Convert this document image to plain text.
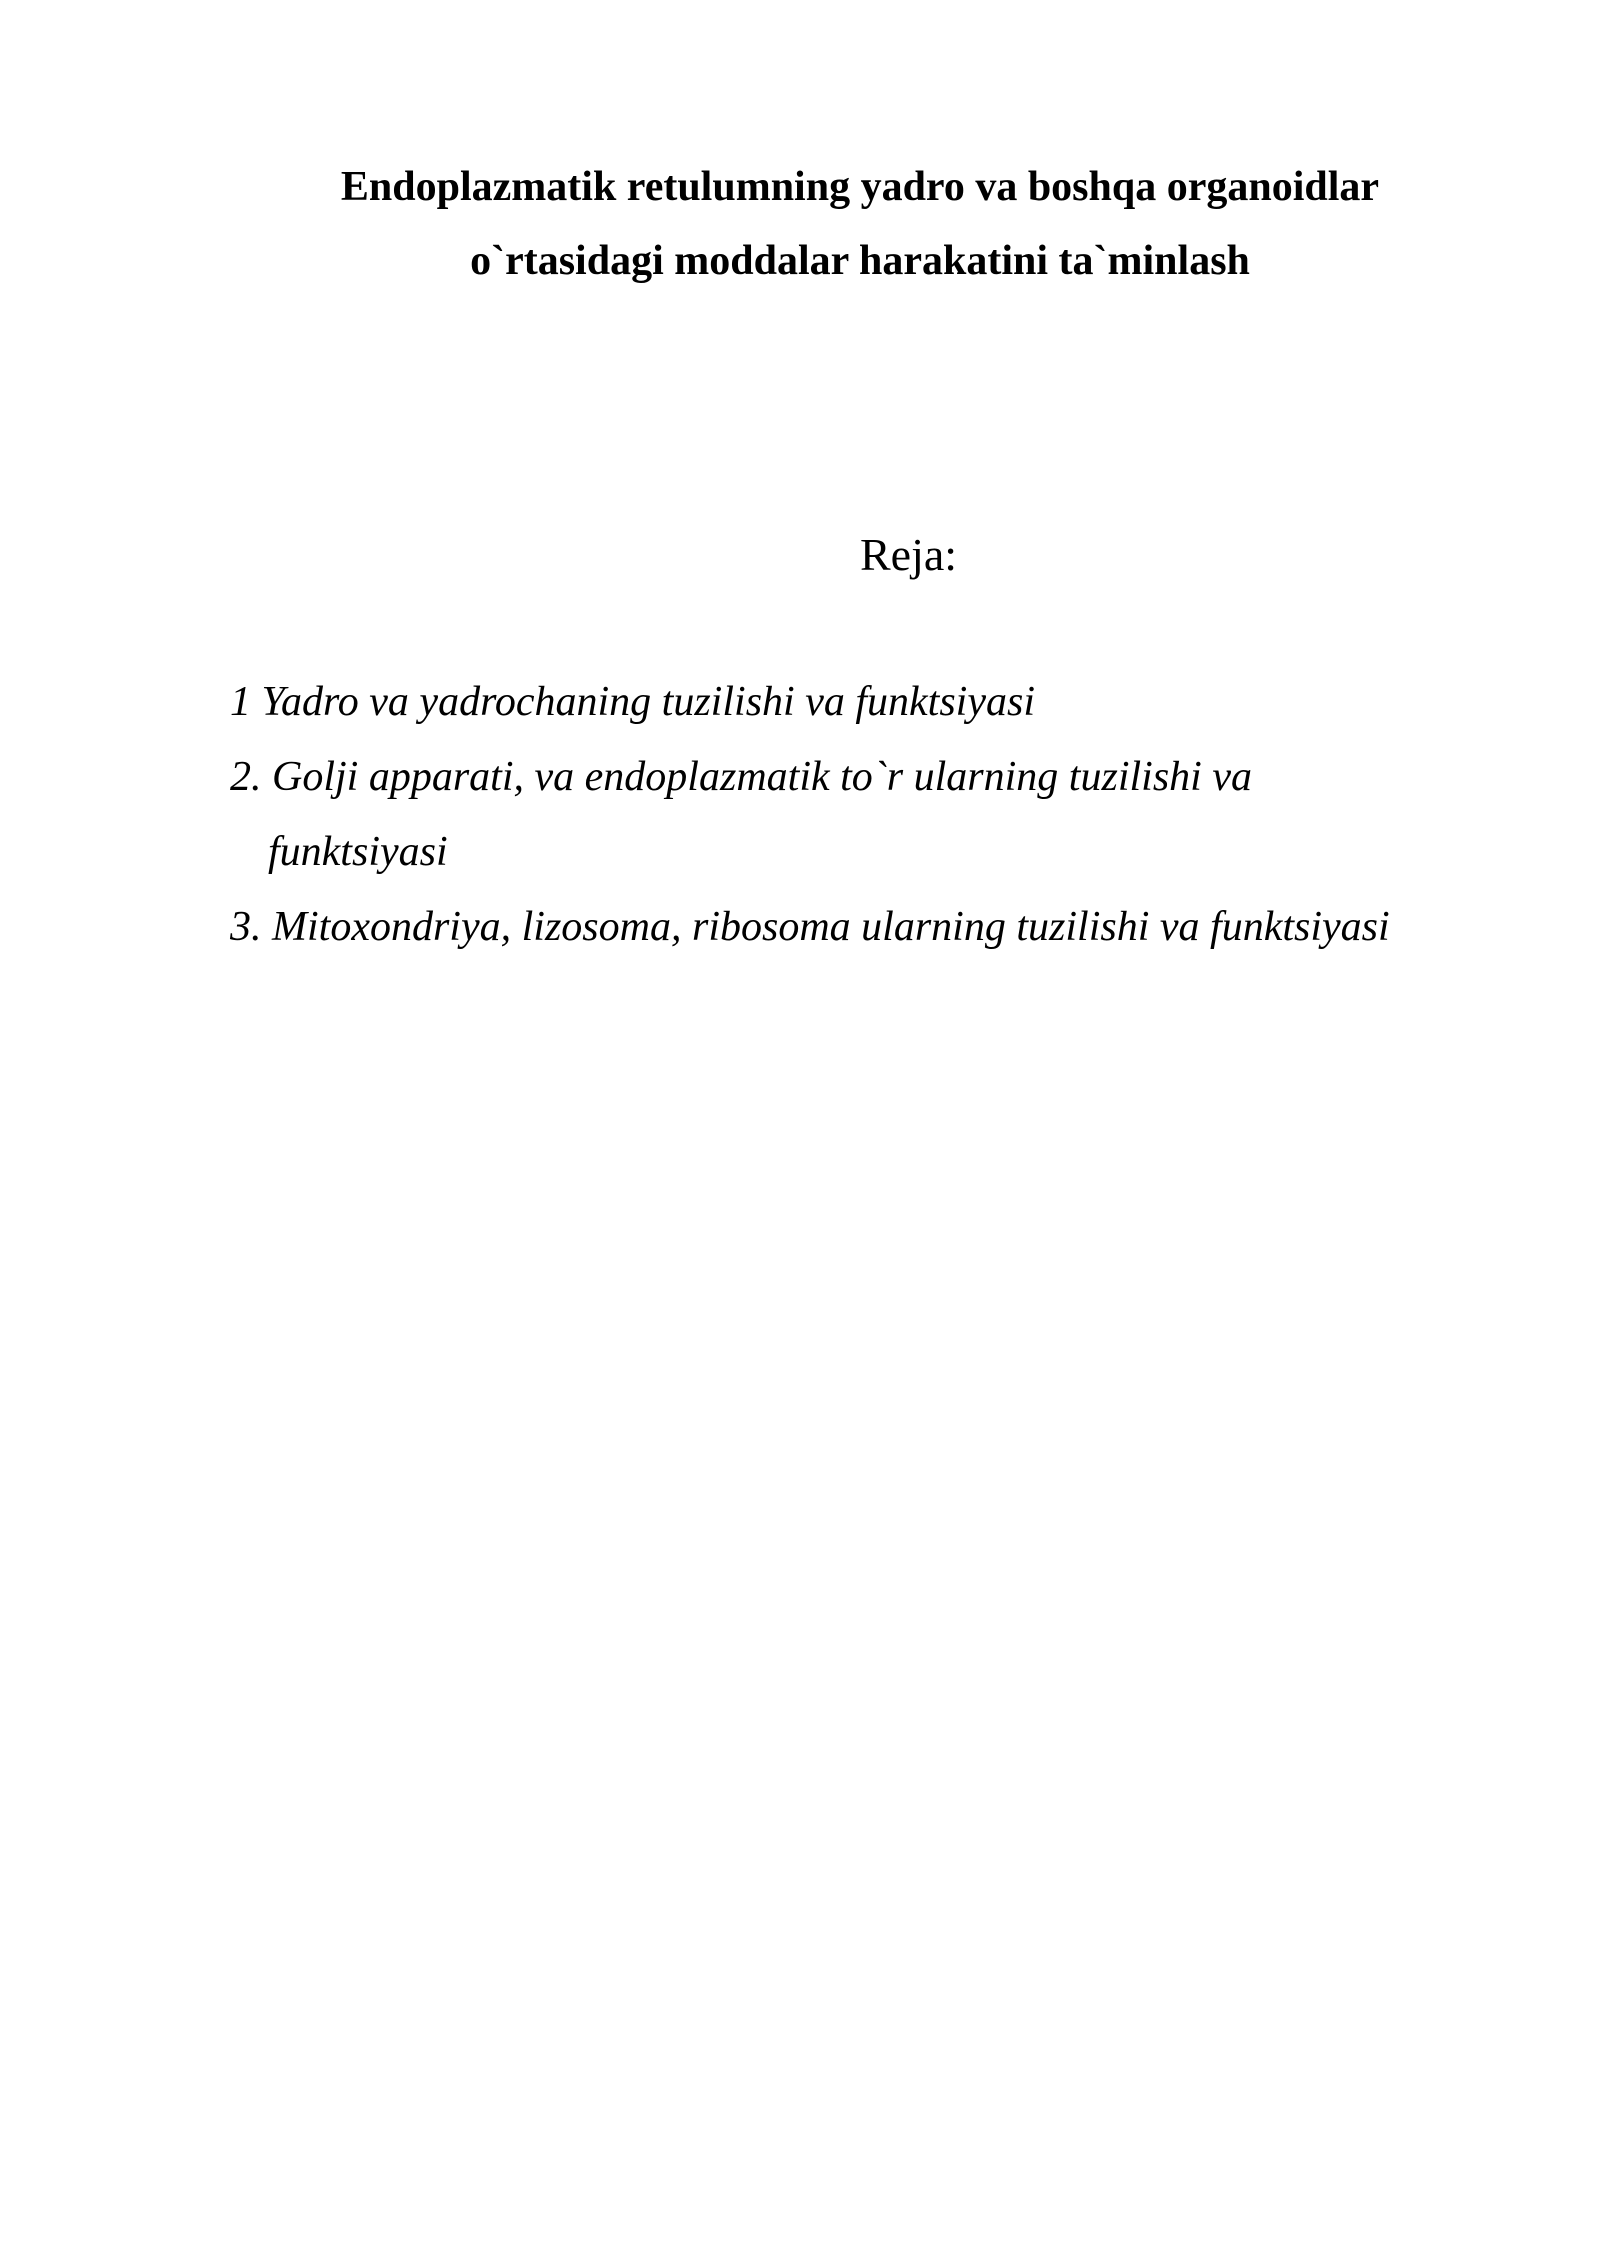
Endoplazmatik retulumning yadro va boshqa organoidlar
o`rtasidagi moddalar harakatini ta`minlash

Reja:

1 Yadro va yadrochaning tuzilishi va funktsiyasi
2. Golji apparati, va endoplazmatik to`r ularning tuzilishi va
funktsiyasi
3. Mitoxondriya, lizosoma, ribosoma ularning tuzilishi va funktsiyasi
